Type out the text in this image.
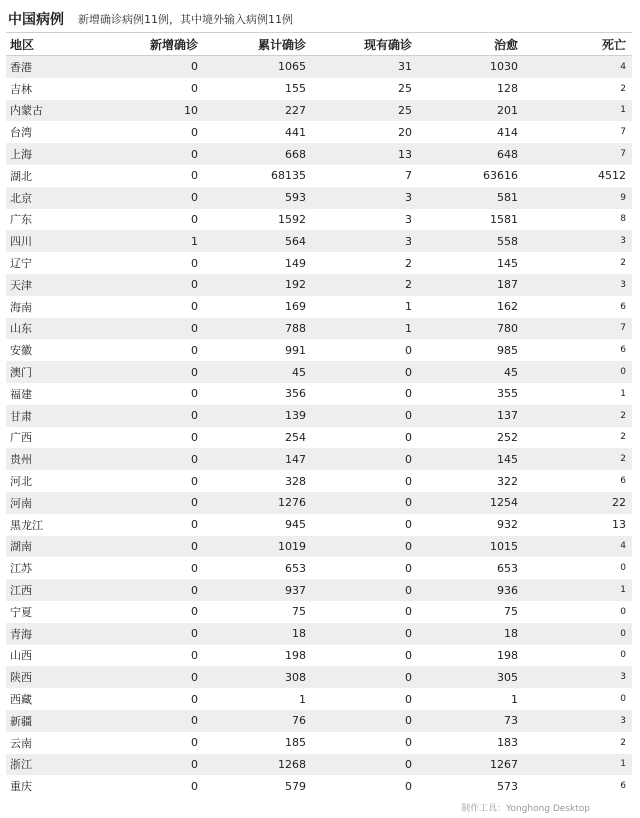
中国病例 新增确诊病例11例，其中境外输入病例11例
地区	新增确诊	累计确诊	现有确诊	治愈	死亡
香港	0	1065	31	1030	4
吉林	0	155	25	128	2
内蒙古	10	227	25	201	1
台湾	0	441	20	414	7
上海	0	668	13	648	7
湖北	0	68135	7	63616	4512
北京	0	593	3	581	9
广东	0	1592	3	1581	8
四川	1	564	3	558	3
辽宁	0	149	2	145	2
天津	0	192	2	187	3
海南	0	169	1	162	6
山东	0	788	1	780	7
安徽	0	991	0	985	6
澳门	0	45	0	45	0
福建	0	356	0	355	1
甘肃	0	139	0	137	2
广西	0	254	0	252	2
贵州	0	147	0	145	2
河北	0	328	0	322	6
河南	0	1276	0	1254	22
黑龙江	0	945	0	932	13
湖南	0	1019	0	1015	4
江苏	0	653	0	653	0
江西	0	937	0	936	1
宁夏	0	75	0	75	0
青海	0	18	0	18	0
山西	0	198	0	198	0
陕西	0	308	0	305	3
西藏	0	1	0	1	0
新疆	0	76	0	73	3
云南	0	185	0	183	2
浙江	0	1268	0	1267	1
重庆	0	579	0	573	6
制作工具：Yonghong Desktop
